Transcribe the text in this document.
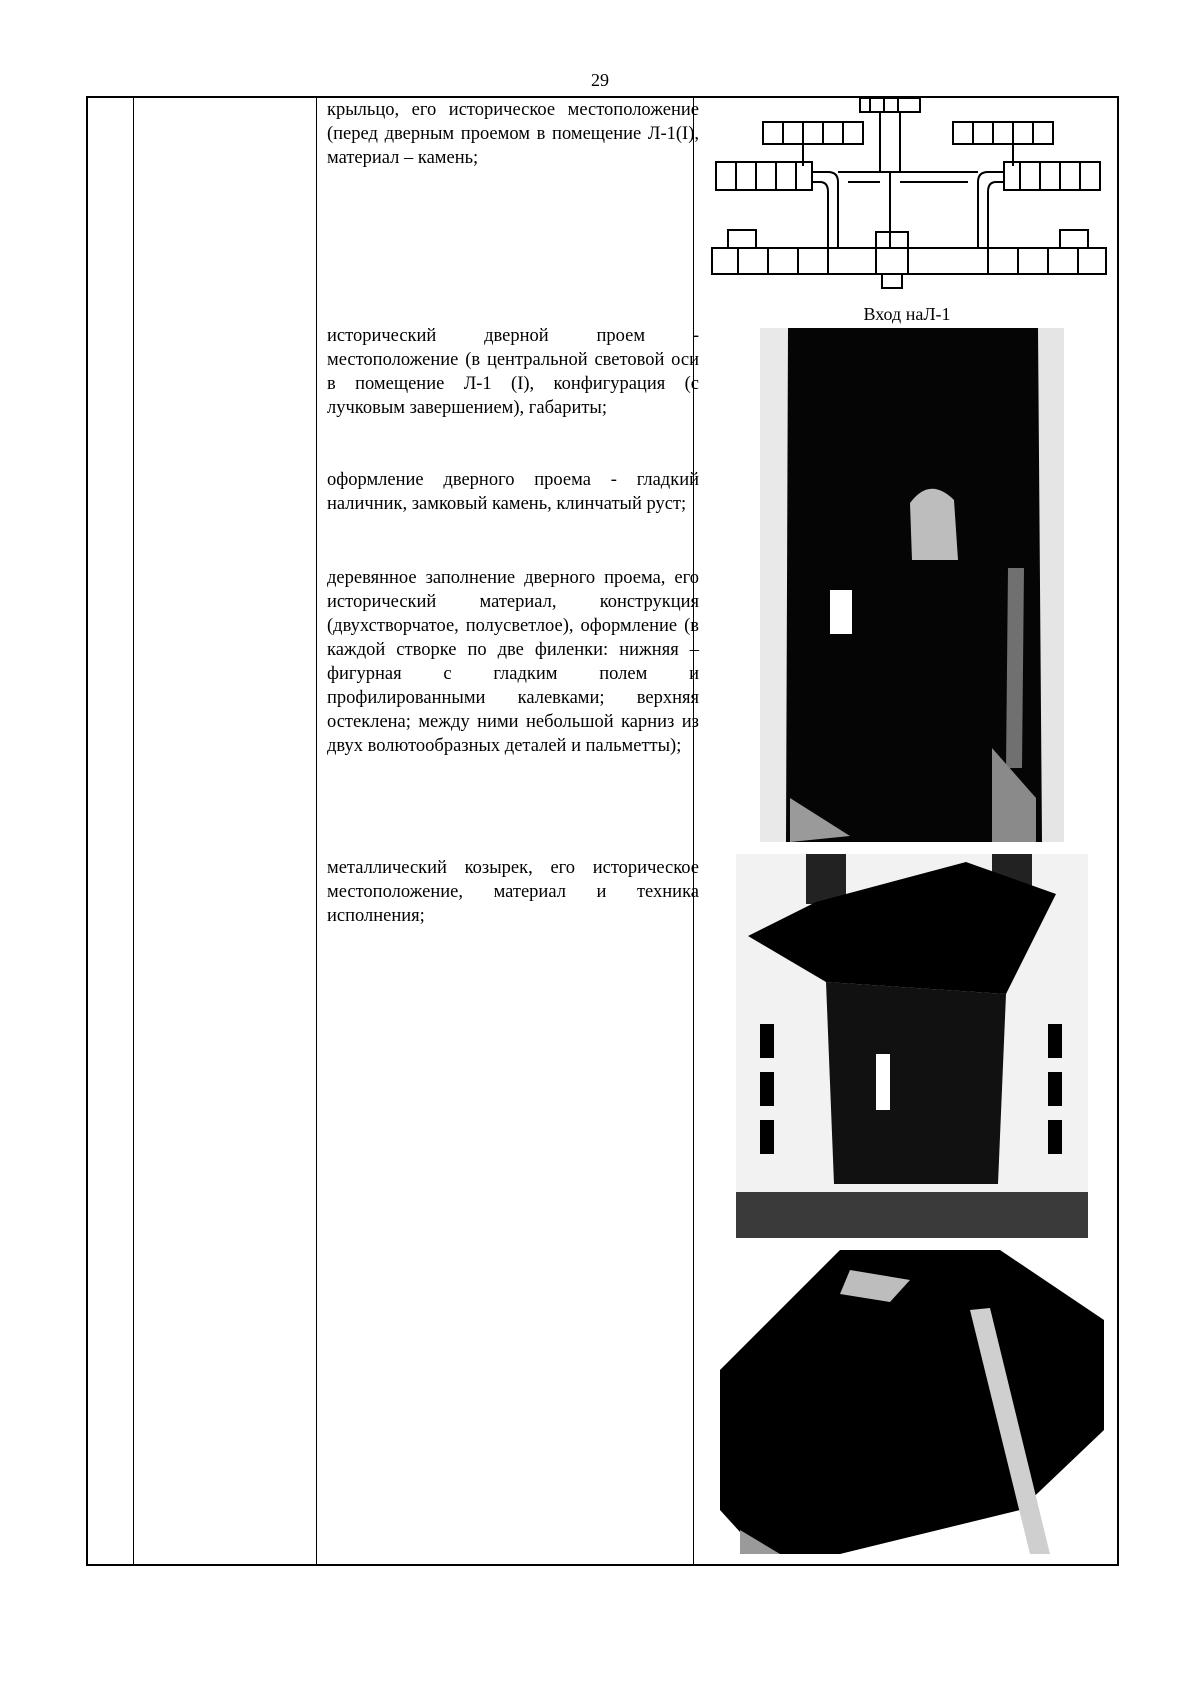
29
крыльцо, его историческое местоположение (перед дверным проемом в помещение Л-1(I), материал – камень;
исторический дверной проем - местоположение (в центральной световой оси в помещение Л-1 (I), конфигурация (с лучковым завершением), габариты;
оформление дверного проема - гладкий наличник, замковый камень, клинчатый руст;
деревянное заполнение дверного проема, его исторический материал, конструкция (двухстворчатое, полусветлое), оформление (в каждой створке по две филенки: нижняя – фигурная с гладким полем и профилированными калевками; верхняя остеклена; между ними небольшой карниз из двух волютообразных деталей и пальметты);
металлический козырек, его историческое местоположение, материал и техника исполнения;
Вход наЛ-1
